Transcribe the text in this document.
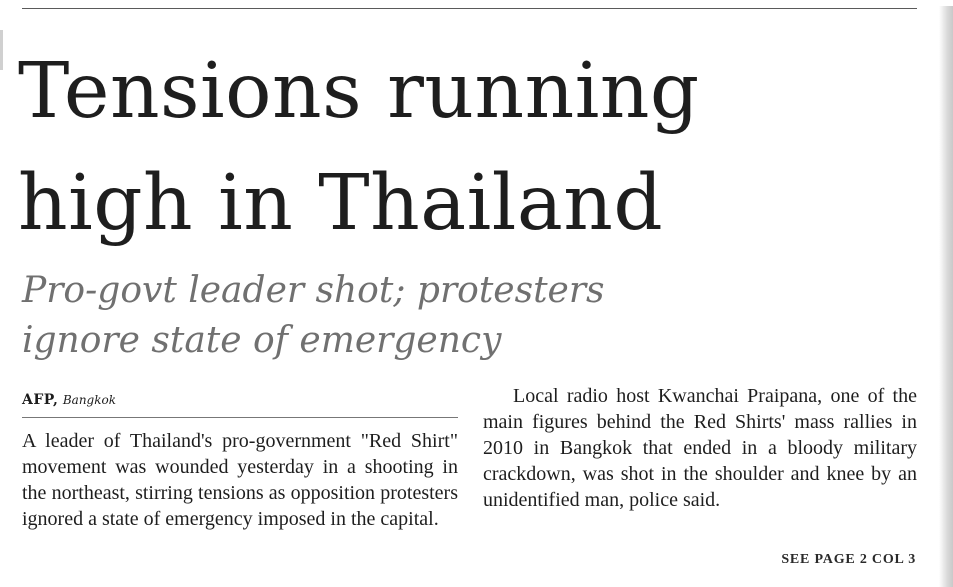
Tensions running
high in Thailand
Pro-govt leader shot; protesters
ignore state of emergency
AFP, Bangkok

A leader of Thailand's pro-government "Red Shirt" movement was wounded yesterday in a shooting in the northeast, stirring tensions as opposition protesters ignored a state of emergency imposed in the capital.

Local radio host Kwanchai Praipana, one of the main figures behind the Red Shirts' mass rallies in 2010 in Bangkok that ended in a bloody military crackdown, was shot in the shoulder and knee by an unidentified man, police said.

SEE PAGE 2 COL 3
